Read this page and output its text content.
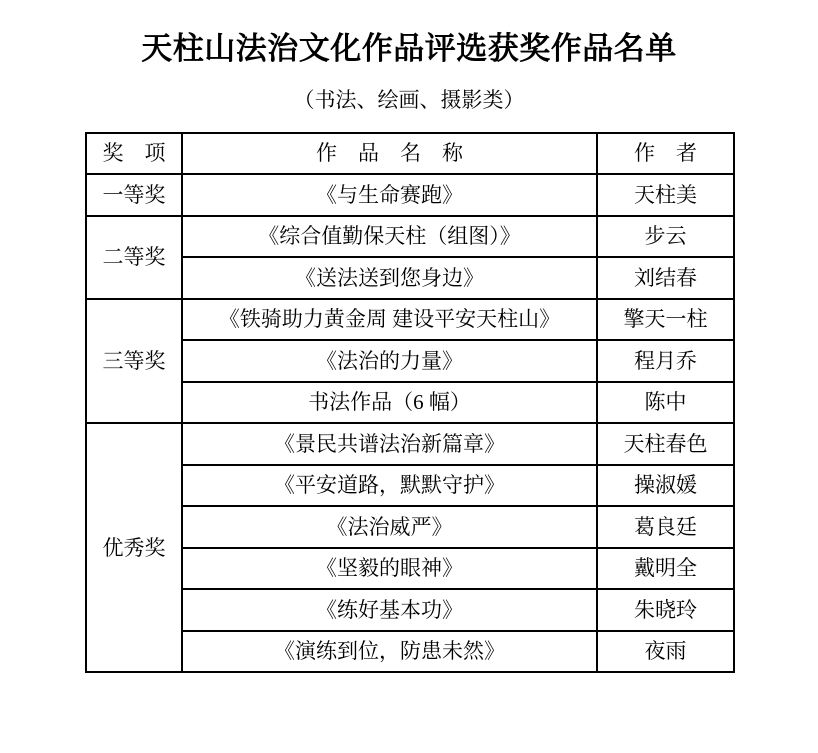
天柱山法治文化作品评选获奖作品名单
（书法、绘画、摄影类）
奖　项	作　品　名　称	作　者
一等奖	《与生命赛跑》	天柱美
二等奖	《综合值勤保天柱（组图）》	步云
	《送法送到您身边》	刘结春
三等奖	《铁骑助力黄金周 建设平安天柱山》	擎天一柱
	《法治的力量》	程月乔
	书法作品（6 幅）	陈中
优秀奖	《景民共谱法治新篇章》	天柱春色
	《平安道路，默默守护》	操淑媛
	《法治威严》	葛良廷
	《坚毅的眼神》	戴明全
	《练好基本功》	朱晓玲
	《演练到位，防患未然》	夜雨
